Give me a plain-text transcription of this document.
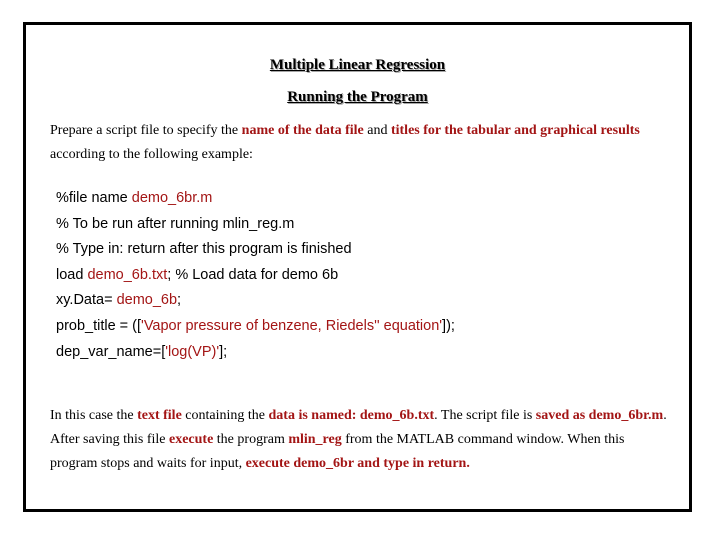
Multiple Linear Regression
Running the Program
Prepare a script file to specify the name of the data file and titles for the tabular and graphical results according to the following example:
%file name demo_6br.m
% To be run after running mlin_reg.m
% Type in: return after this program is finished
load demo_6b.txt; % Load data for demo 6b
xy.Data= demo_6b;
prob_title = (['Vapor pressure of benzene, Riedels'' equation']);
dep_var_name=['log(VP)'];
In this case the text file containing the data is named: demo_6b.txt. The script file is saved as demo_6br.m. After saving this file execute the program mlin_reg from the MATLAB command window. When this program stops and waits for input, execute demo_6br and type in return.
